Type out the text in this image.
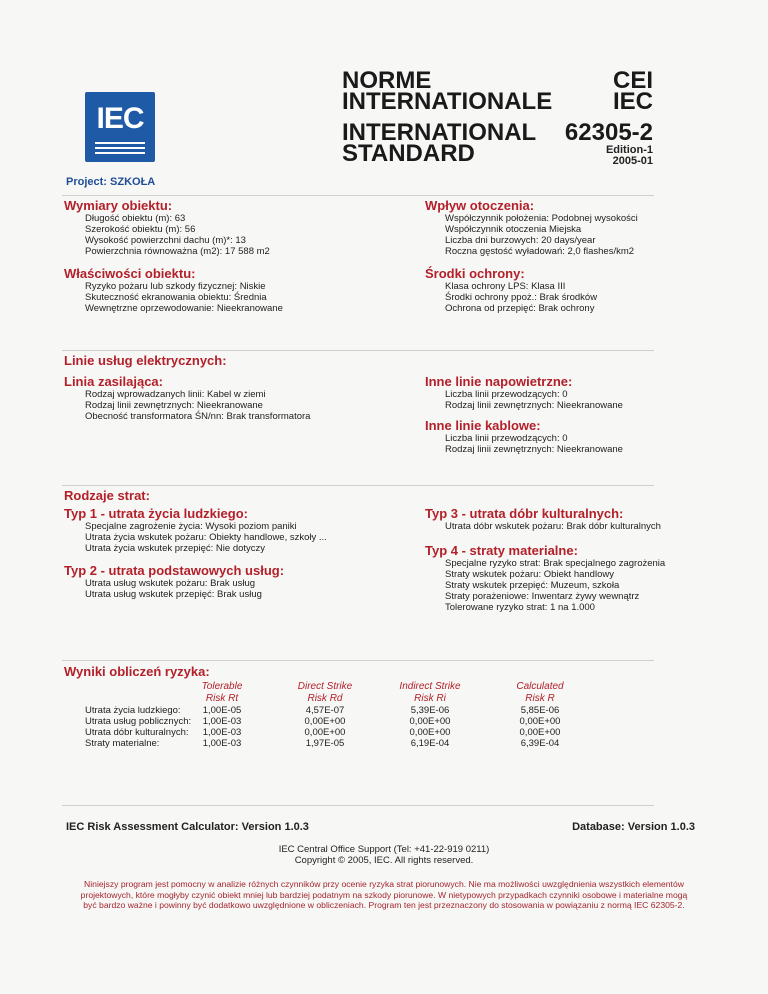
IEC
NORME
INTERNATIONALE
INTERNATIONAL
STANDARD
CEI
IEC
62305-2
Edition-1
2005-01
Project: SZKOŁA
Wymiary obiektu:
Długość obiektu (m): 63
Szerokość obiektu (m): 56
Wysokość powierzchni dachu (m)*: 13
Powierzchnia równoważna (m2): 17 588 m2
Wpływ otoczenia:
Współczynnik położenia: Podobnej wysokości
Współczynnik otoczenia Miejska
Liczba dni burzowych: 20 days/year
Roczna gęstość wyładowań: 2,0 flashes/km2
Właściwości obiektu:
Ryzyko pożaru lub szkody fizycznej: Niskie
Skuteczność ekranowania obiektu: Średnia
Wewnętrzne oprzewodowanie: Nieekranowane
Środki ochrony:
Klasa ochrony LPS: Klasa III
Środki ochrony ppoż.: Brak środków
Ochrona od przepięć: Brak ochrony
Linie usług elektrycznych:
Linia zasilająca:
Rodzaj wprowadzanych linii: Kabel w ziemi
Rodzaj linii zewnętrznych: Nieekranowane
Obecność transformatora ŚN/nn: Brak transformatora
Inne linie napowietrzne:
Liczba linii przewodzących: 0
Rodzaj linii zewnętrznych: Nieekranowane
Inne linie kablowe:
Liczba linii przewodzących: 0
Rodzaj linii zewnętrznych: Nieekranowane
Rodzaje strat:
Typ 1 - utrata życia ludzkiego:
Specjalne zagrożenie życia: Wysoki poziom paniki
Utrata życia wskutek pożaru: Obiekty handlowe, szkoły ...
Utrata życia wskutek przepięć: Nie dotyczy
Typ 2 - utrata podstawowych usług:
Utrata usług wskutek pożaru: Brak usług
Utrata usług wskutek przepięć: Brak usług
Typ 3 - utrata dóbr kulturalnych:
Utrata dóbr wskutek pożaru: Brak dóbr kulturalnych
Typ 4 - straty materialne:
Specjalne ryzyko strat: Brak specjalnego zagrożenia
Straty wskutek pożaru: Obiekt handlowy
Straty wskutek przepięć: Muzeum, szkoła
Straty porażeniowe: Inwentarz żywy wewnątrz
Tolerowane ryzyko strat: 1 na 1.000
Wyniki obliczeń ryzyka:
Utrata życia ludzkiego:
Utrata usług poblicznych:
Utrata dóbr kulturalnych:
Straty materialne:
Tolerable
Risk Rt
1,00E-05
1,00E-03
1,00E-03
1,00E-03
Direct Strike
Risk Rd
4,57E-07
0,00E+00
0,00E+00
1,97E-05
Indirect Strike
Risk Ri
5,39E-06
0,00E+00
0,00E+00
6,19E-04
Calculated
Risk R
5,85E-06
0,00E+00
0,00E+00
6,39E-04
IEC Risk Assessment Calculator: Version 1.0.3	Database: Version 1.0.3
IEC Central Office Support (Tel: +41-22-919 0211)
Copyright © 2005, IEC. All rights reserved.
Niniejszy program jest pomocny w analizie różnych czynników przy ocenie ryzyka strat piorunowych. Nie ma możliwości uwzględnienia wszystkich elementów projektowych, które mogłyby czynić obiekt mniej lub bardziej podatnym na szkody piorunowe. W nietypowych przypadkach czynniki osobowe i materialne mogą być bardzo ważne i powinny być dodatkowo uwzględnione w obliczeniach. Program ten jest przeznaczony do stosowania w powiązaniu z normą IEC 62305-2.
